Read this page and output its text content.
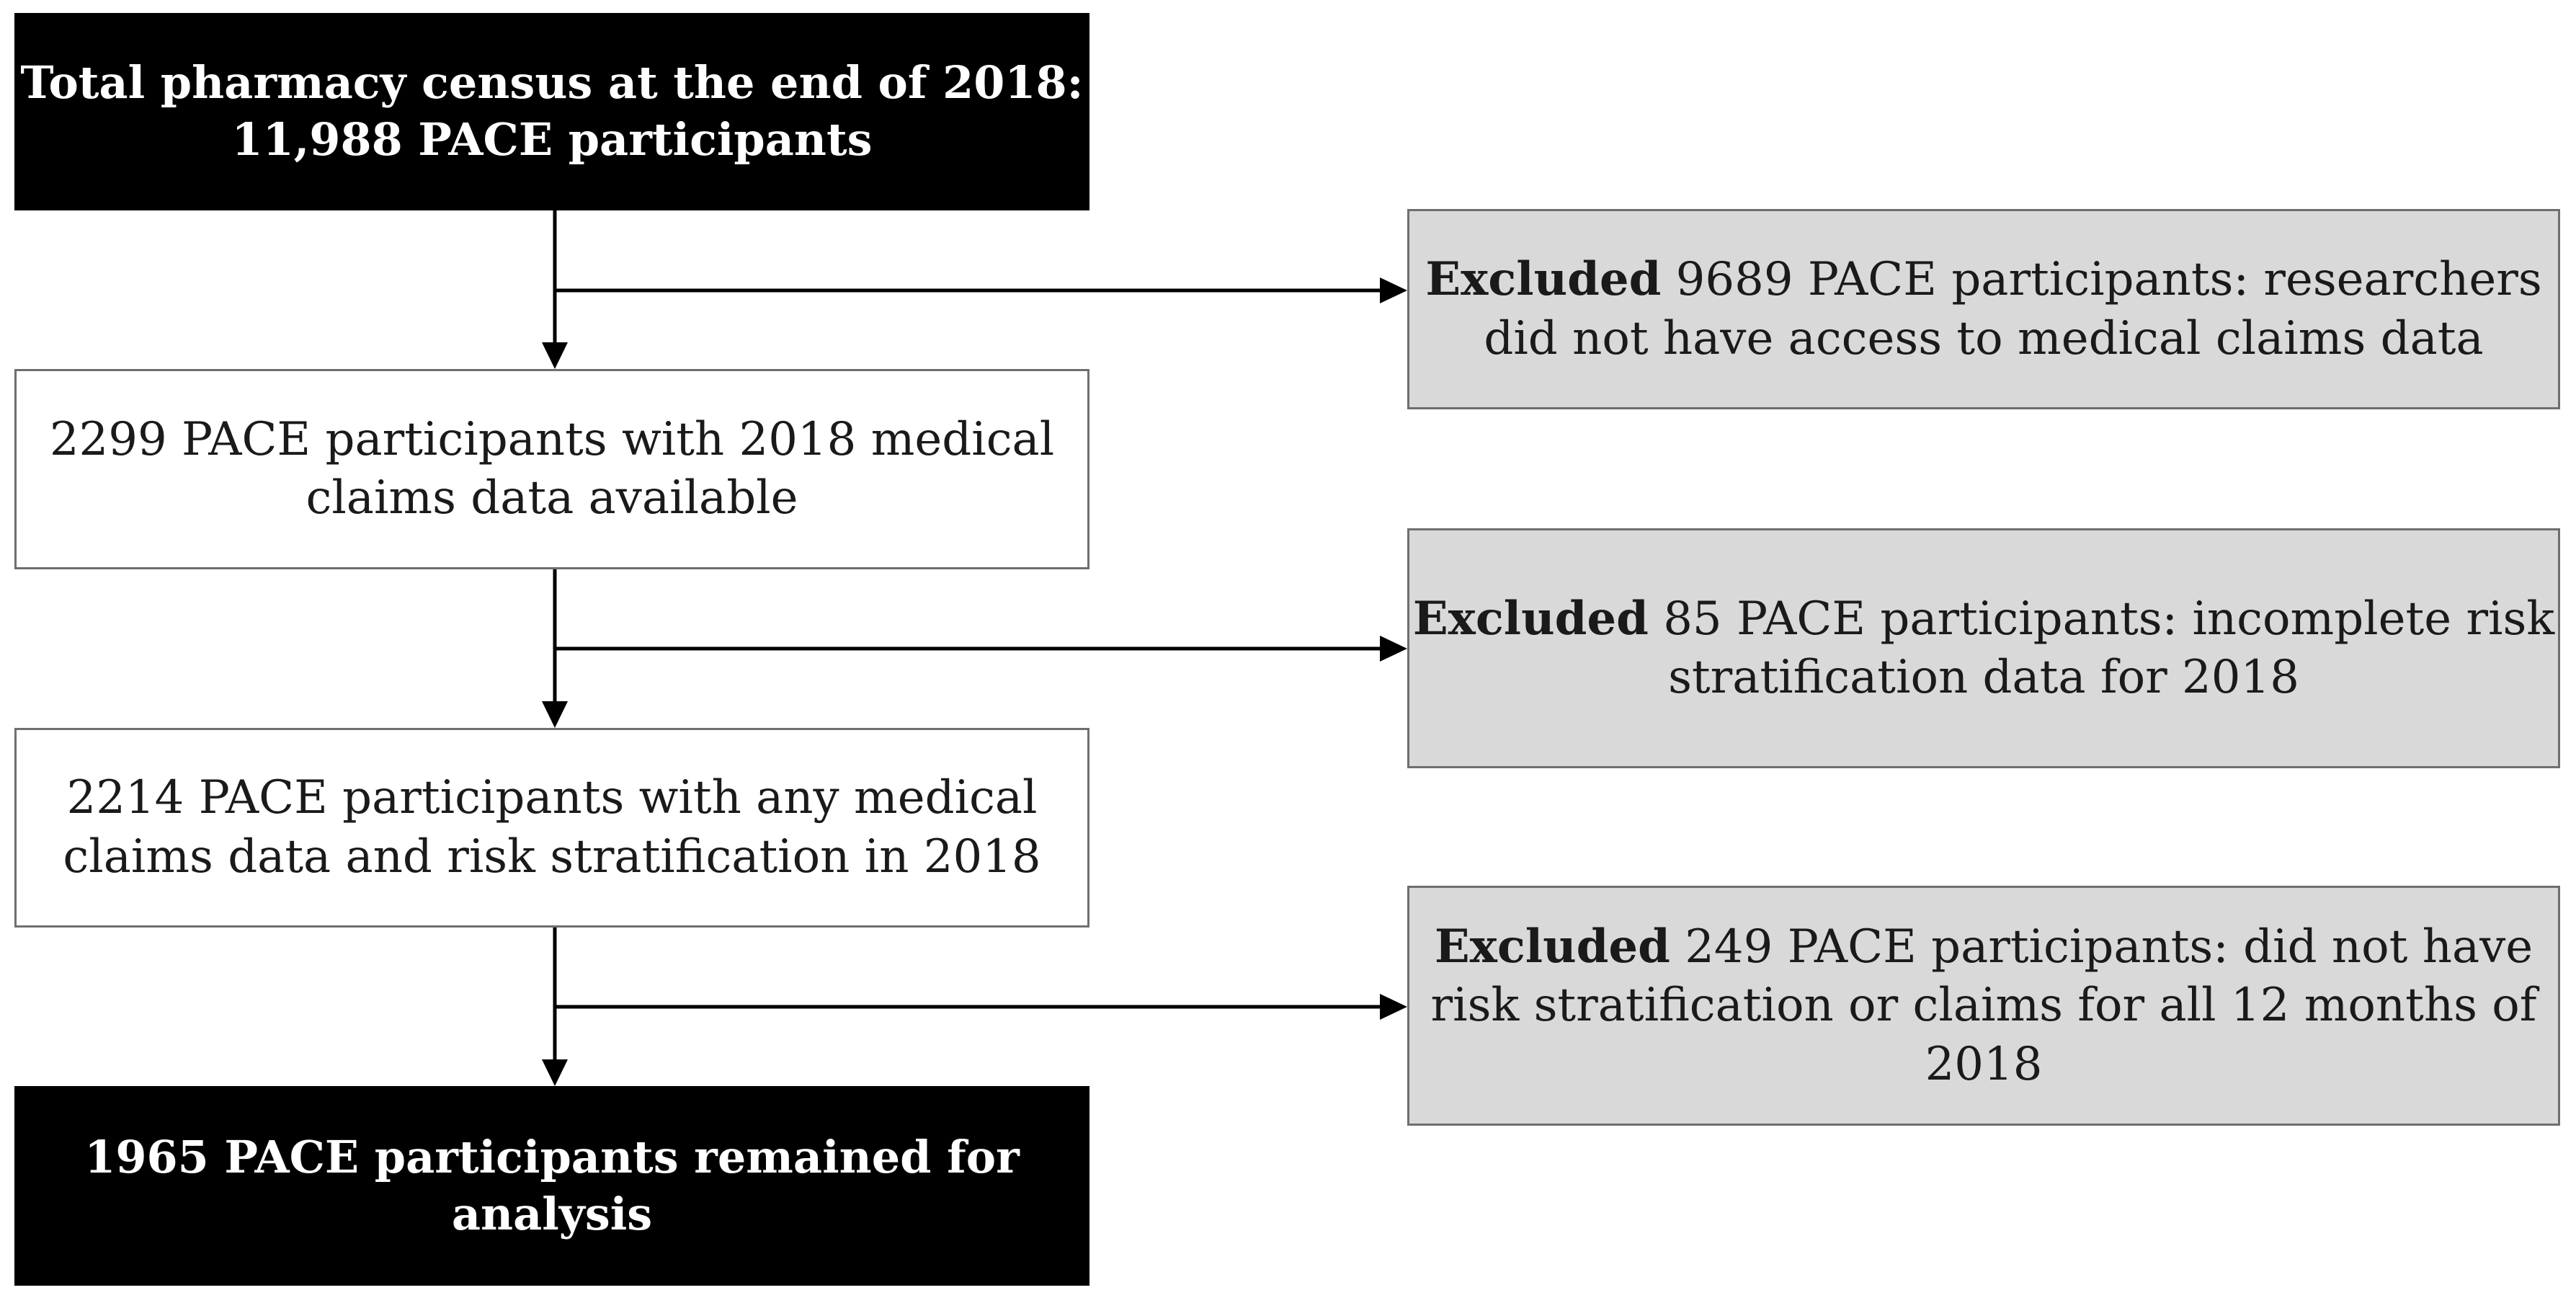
Total pharmacy census at the end of 2018:
11,988 PACE participants
2299 PACE participants with 2018 medical
claims data available
2214 PACE participants with any medical
claims data and risk stratification in 2018
1965 PACE participants remained for
analysis
Excluded 9689 PACE participants: researchers
did not have access to medical claims data
Excluded 85 PACE participants: incomplete risk
stratification data for 2018
Excluded 249 PACE participants: did not have
risk stratification or claims for all 12 months of
2018
